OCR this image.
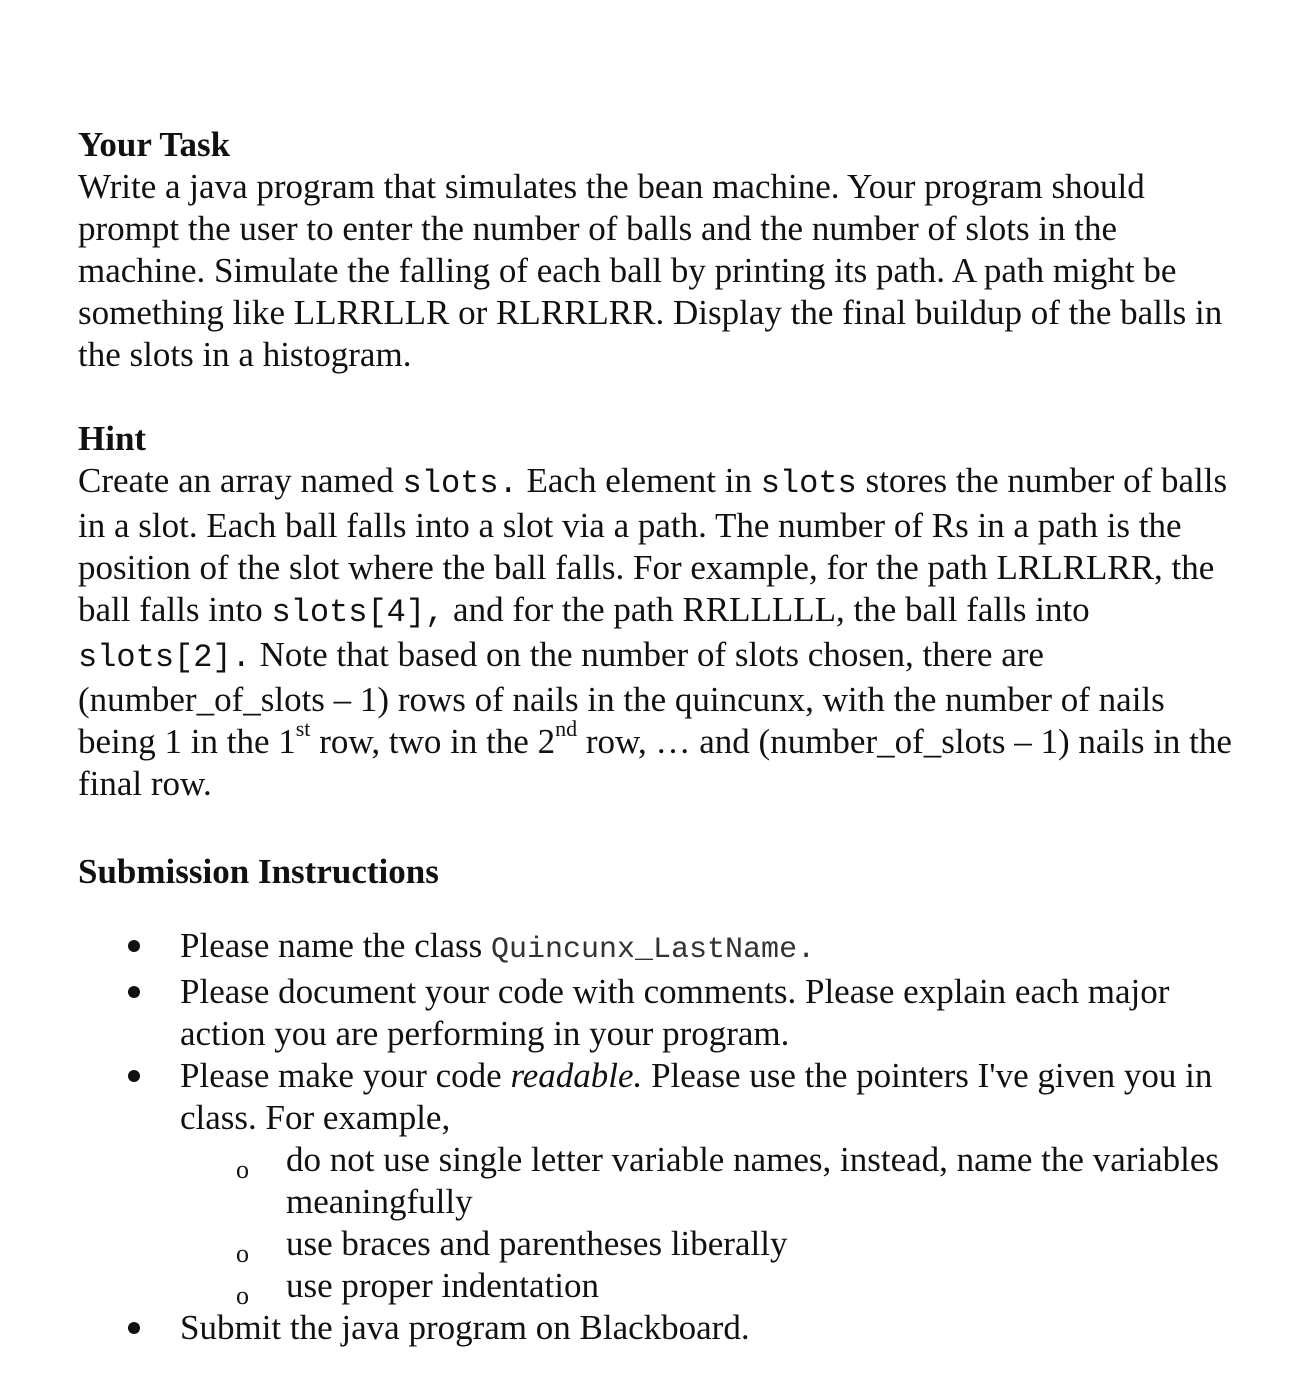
Your Task

Write a java program that simulates the bean machine. Your program should prompt the user to enter the number of balls and the number of slots in the machine. Simulate the falling of each ball by printing its path. A path might be something like LLRRLLR or RLRRLRR. Display the final buildup of the balls in the slots in a histogram.

Hint

Create an array named slots. Each element in slots stores the number of balls in a slot. Each ball falls into a slot via a path. The number of Rs in a path is the position of the slot where the ball falls. For example, for the path LRLRLRR, the ball falls into slots[4], and for the path RRLLLLL, the ball falls into slots[2]. Note that based on the number of slots chosen, there are (number_of_slots – 1) rows of nails in the quincunx, with the number of nails being 1 in the 1st row, two in the 2nd row, … and (number_of_slots – 1) nails in the final row.

Submission Instructions

Please name the class Quincunx_LastName.
Please document your code with comments. Please explain each major action you are performing in your program.
Please make your code readable. Please use the pointers I've given you in class. For example,
o do not use single letter variable names, instead, name the variables meaningfully
o use braces and parentheses liberally
o use proper indentation
Submit the java program on Blackboard.
